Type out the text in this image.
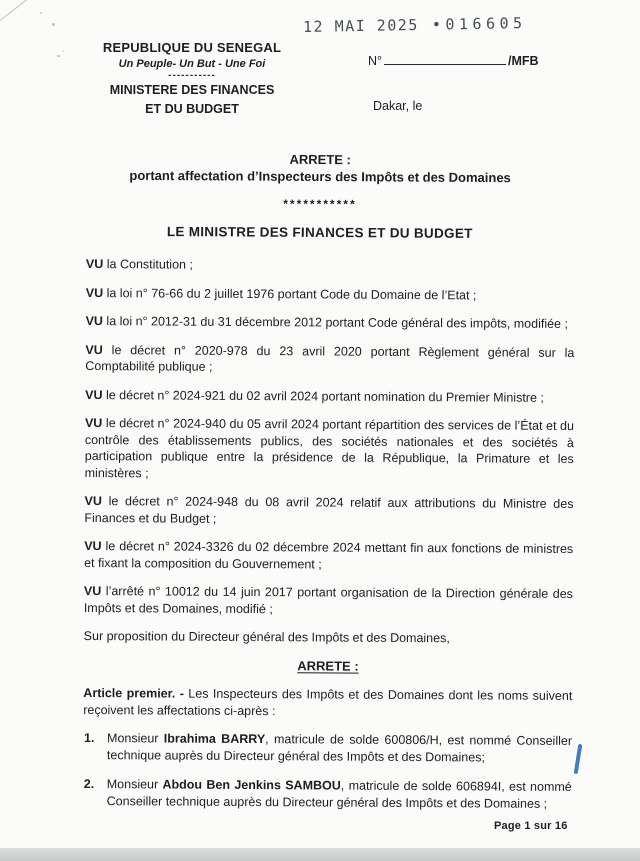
12 MAI 2025 •016605
REPUBLIQUE DU SENEGAL
Un Peuple- Un But - Une Foi
-----------
MINISTERE DES FINANCES
ET DU BUDGET
N°	/MFB
Dakar, le
ARRETE :
portant affectation d’Inspecteurs des Impôts et des Domaines
***********
LE MINISTRE DES FINANCES ET DU BUDGET

VU la Constitution ;

VU la loi n° 76-66 du 2 juillet 1976 portant Code du Domaine de l’Etat ;

VU la loi n° 2012-31 du 31 décembre 2012 portant Code général des impôts, modifiée ;

VU le décret n° 2020-978 du 23 avril 2020 portant Règlement général sur la Comptabilité publique ;

VU le décret n° 2024-921 du 02 avril 2024 portant nomination du Premier Ministre ;

VU le décret n° 2024-940 du 05 avril 2024 portant répartition des services de l’État et du contrôle des établissements publics, des sociétés nationales et des sociétés à participation publique entre la présidence de la République, la Primature et les ministères ;

VU le décret n° 2024-948 du 08 avril 2024 relatif aux attributions du Ministre des Finances et du Budget ;

VU le décret n° 2024-3326 du 02 décembre 2024 mettant fin aux fonctions de ministres et fixant la composition du Gouvernement ;

VU l’arrêté n° 10012 du 14 juin 2017 portant organisation de la Direction générale des Impôts et des Domaines, modifié ;

Sur proposition du Directeur général des Impôts et des Domaines,

ARRETE :

Article premier. - Les Inspecteurs des Impôts et des Domaines dont les noms suivent reçoivent les affectations ci-après :

1. Monsieur Ibrahima BARRY, matricule de solde 600806/H, est nommé Conseiller technique auprès du Directeur général des Impôts et des Domaines;
2. Monsieur Abdou Ben Jenkins SAMBOU, matricule de solde 606894I, est nommé Conseiller technique auprès du Directeur général des Impôts et des Domaines ;
Page 1 sur 16
